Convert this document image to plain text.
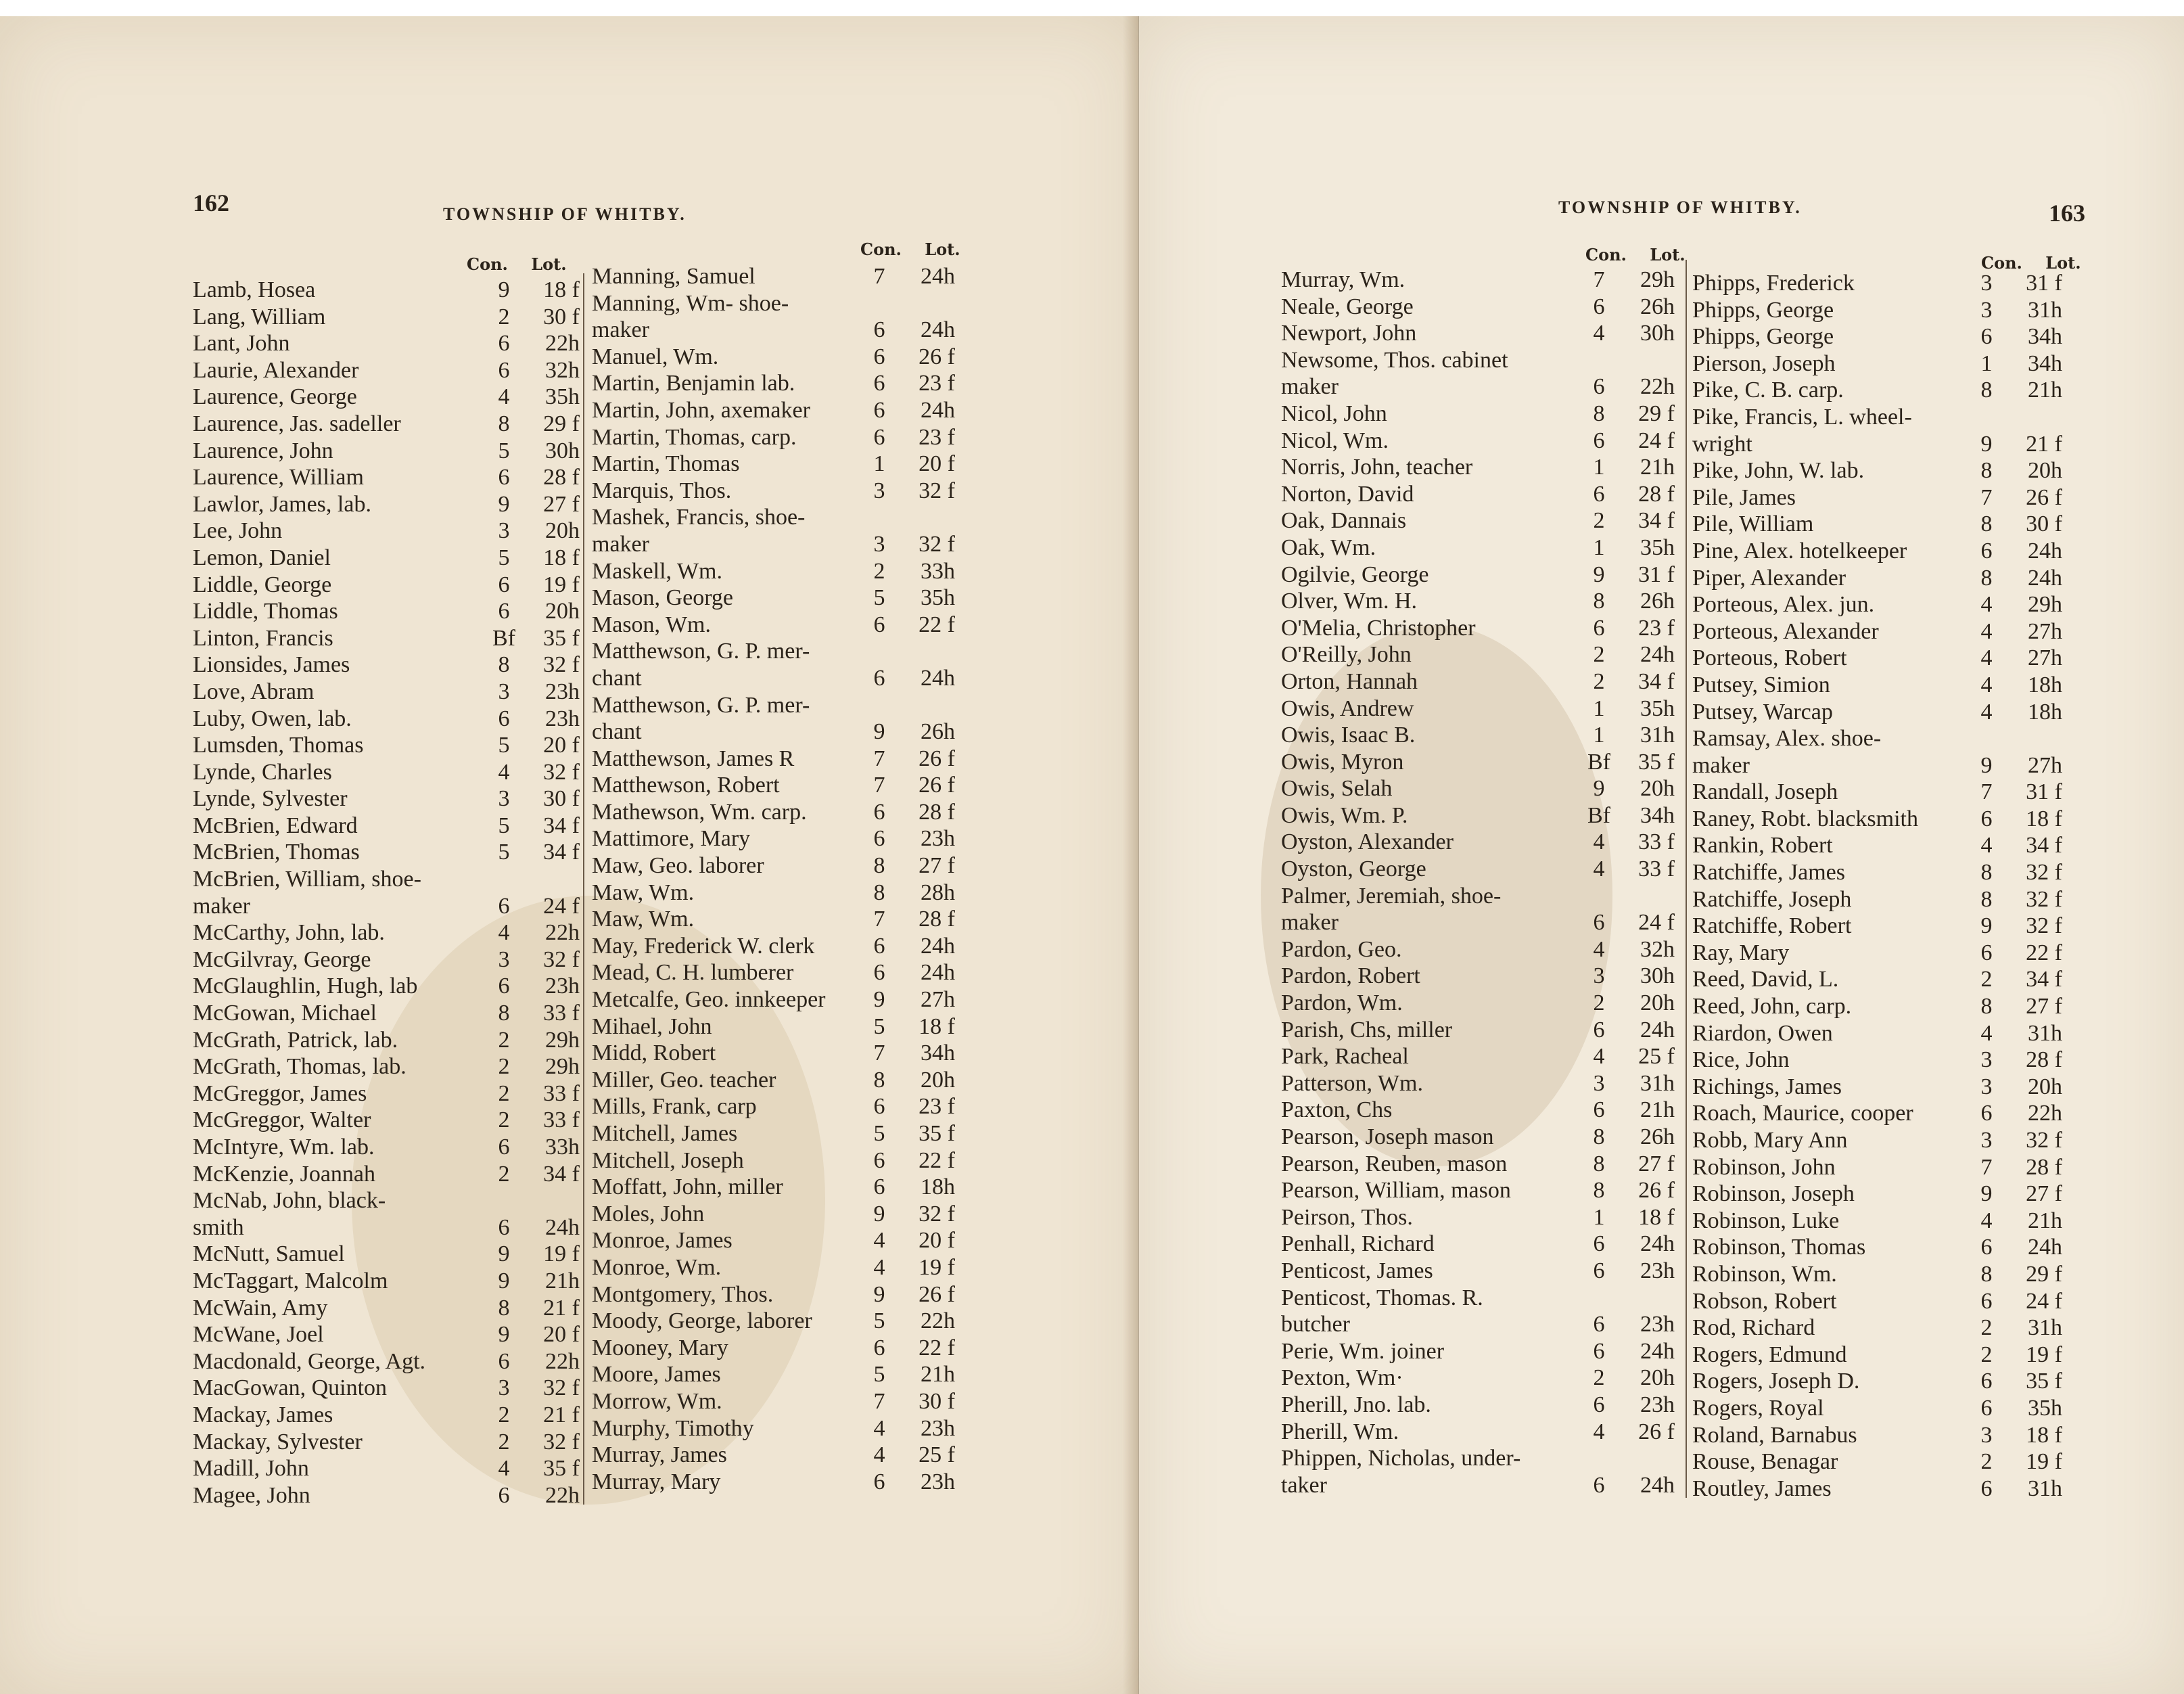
162	TOWNSHIP OF WHITBY.
Con. Lot.
Con. Lot.
Lamb, Hosea	9	18 f
Lang, William	2	30 f
Lant, John	6	22h
Laurie, Alexander	6	32h
Laurence, George	4	35h
Laurence, Jas. sadeller	8	29 f
Laurence, John	5	30h
Laurence, William	6	28 f
Lawlor, James, lab.	9	27 f
Lee, John	3	20h
Lemon, Daniel	5	18 f
Liddle, George	6	19 f
Liddle, Thomas	6	20h
Linton, Francis	Bf	35 f
Lionsides, James	8	32 f
Love, Abram	3	23h
Luby, Owen, lab.	6	23h
Lumsden, Thomas	5	20 f
Lynde, Charles	4	32 f
Lynde, Sylvester	3	30 f
McBrien, Edward	5	34 f
McBrien, Thomas	5	34 f
McBrien, William, shoe-
maker	6	24 f
McCarthy, John, lab.	4	22h
McGilvray, George	3	32 f
McGlaughlin, Hugh, lab	6	23h
McGowan, Michael	8	33 f
McGrath, Patrick, lab.	2	29h
McGrath, Thomas, lab.	2	29h
McGreggor, James	2	33 f
McGreggor, Walter	2	33 f
McIntyre, Wm. lab.	6	33h
McKenzie, Joannah	2	34 f
McNab, John, black-
smith	6	24h
McNutt, Samuel	9	19 f
McTaggart, Malcolm	9	21h
McWain, Amy	8	21 f
McWane, Joel	9	20 f
Macdonald, George, Agt.	6	22h
MacGowan, Quinton	3	32 f
Mackay, James	2	21 f
Mackay, Sylvester	2	32 f
Madill, John	4	35 f
Magee, John	6	22h
Manning, Samuel	7	24h
Manning, Wm- shoe-
maker	6	24h
Manuel, Wm.	6	26 f
Martin, Benjamin lab.	6	23 f
Martin, John, axemaker	6	24h
Martin, Thomas, carp.	6	23 f
Martin, Thomas	1	20 f
Marquis, Thos.	3	32 f
Mashek, Francis, shoe-
maker	3	32 f
Maskell, Wm.	2	33h
Mason, George	5	35h
Mason, Wm.	6	22 f
Matthewson, G. P. mer-
chant	6	24h
Matthewson, G. P. mer-
chant	9	26h
Matthewson, James R	7	26 f
Matthewson, Robert	7	26 f
Mathewson, Wm. carp.	6	28 f
Mattimore, Mary	6	23h
Maw, Geo. laborer	8	27 f
Maw, Wm.	8	28h
Maw, Wm.	7	28 f
May, Frederick W. clerk	6	24h
Mead, C. H. lumberer	6	24h
Metcalfe, Geo. innkeeper	9	27h
Mihael, John	5	18 f
Midd, Robert	7	34h
Miller, Geo. teacher	8	20h
Mills, Frank, carp	6	23 f
Mitchell, James	5	35 f
Mitchell, Joseph	6	22 f
Moffatt, John, miller	6	18h
Moles, John	9	32 f
Monroe, James	4	20 f
Monroe, Wm.	4	19 f
Montgomery, Thos.	9	26 f
Moody, George, laborer	5	22h
Mooney, Mary	6	22 f
Moore, James	5	21h
Morrow, Wm.	7	30 f
Murphy, Timothy	4	23h
Murray, James	4	25 f
Murray, Mary	6	23h
TOWNSHIP OF WHITBY.	163
Con. Lot.	Con. Lot.
Murray, Wm.	7	29h
Neale, George	6	26h
Newport, John	4	30h
Newsome, Thos. cabinet
maker	6	22h
Nicol, John	8	29 f
Nicol, Wm.	6	24 f
Norris, John, teacher	1	21h
Norton, David	6	28 f
Oak, Dannais	2	34 f
Oak, Wm.	1	35h
Ogilvie, George	9	31 f
Olver, Wm. H.	8	26h
O'Melia, Christopher	6	23 f
O'Reilly, John	2	24h
Orton, Hannah	2	34 f
Owis, Andrew	1	35h
Owis, Isaac B.	1	31h
Owis, Myron	Bf	35 f
Owis, Selah	9	20h
Owis, Wm. P.	Bf	34h
Oyston, Alexander	4	33 f
Oyston, George	4	33 f
Palmer, Jeremiah, shoe-
maker	6	24 f
Pardon, Geo.	4	32h
Pardon, Robert	3	30h
Pardon, Wm.	2	20h
Parish, Chs, miller	6	24h
Park, Racheal	4	25 f
Patterson, Wm.	3	31h
Paxton, Chs	6	21h
Pearson, Joseph mason	8	26h
Pearson, Reuben, mason	8	27 f
Pearson, William, mason	8	26 f
Peirson, Thos.	1	18 f
Penhall, Richard	6	24h
Penticost, James	6	23h
Penticost, Thomas. R.
butcher	6	23h
Perie, Wm. joiner	6	24h
Pexton, Wm·	2	20h
Pherill, Jno. lab.	6	23h
Pherill, Wm.	4	26 f
Phippen, Nicholas, under-
taker	6	24h
Phipps, Frederick	3	31 f
Phipps, George	3	31h
Phipps, George	6	34h
Pierson, Joseph	1	34h
Pike, C. B. carp.	8	21h
Pike, Francis, L. wheel-
wright	9	21 f
Pike, John, W. lab.	8	20h
Pile, James	7	26 f
Pile, William	8	30 f
Pine, Alex. hotelkeeper	6	24h
Piper, Alexander	8	24h
Porteous, Alex. jun.	4	29h
Porteous, Alexander	4	27h
Porteous, Robert	4	27h
Putsey, Simion	4	18h
Putsey, Warcap	4	18h
Ramsay, Alex. shoe-
maker	9	27h
Randall, Joseph	7	31 f
Raney, Robt. blacksmith	6	18 f
Rankin, Robert	4	34 f
Ratchiffe, James	8	32 f
Ratchiffe, Joseph	8	32 f
Ratchiffe, Robert	9	32 f
Ray, Mary	6	22 f
Reed, David, L.	2	34 f
Reed, John, carp.	8	27 f
Riardon, Owen	4	31h
Rice, John	3	28 f
Richings, James	3	20h
Roach, Maurice, cooper	6	22h
Robb, Mary Ann	3	32 f
Robinson, John	7	28 f
Robinson, Joseph	9	27 f
Robinson, Luke	4	21h
Robinson, Thomas	6	24h
Robinson, Wm.	8	29 f
Robson, Robert	6	24 f
Rod, Richard	2	31h
Rogers, Edmund	2	19 f
Rogers, Joseph D.	6	35 f
Rogers, Royal	6	35h
Roland, Barnabus	3	18 f
Rouse, Benagar	2	19 f
Routley, James	6	31h
